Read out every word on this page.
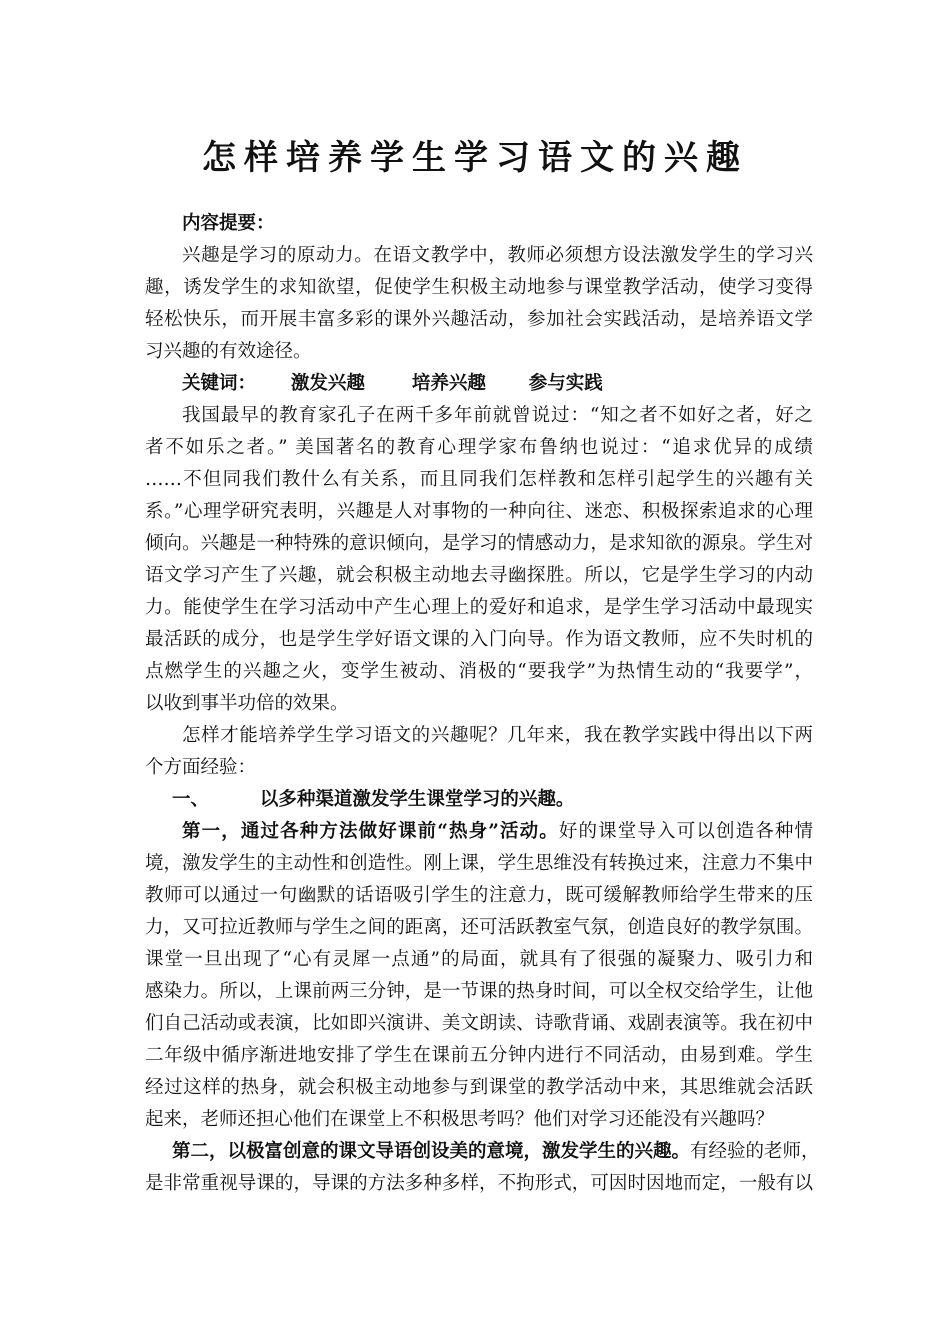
怎样培养学生学习语文的兴趣
内容提要：
兴趣是学习的原动力。在语文教学中，教师必须想方设法激发学生的学习兴
趣，诱发学生的求知欲望，促使学生积极主动地参与课堂教学活动，使学习变得
轻松快乐，而开展丰富多彩的课外兴趣活动，参加社会实践活动，是培养语文学
习兴趣的有效途径。
关键词： 激发兴趣	培养兴趣 参与实践
我国最早的教育家孔子在两千多年前就曾说过：“知之者不如好之者，好之
者不如乐之者。” 美国著名的教育心理学家布鲁纳也说过：“追求优异的成绩
……不但同我们教什么有关系，而且同我们怎样教和怎样引起学生的兴趣有关
系。”心理学研究表明，兴趣是人对事物的一种向往、迷恋、积极探索追求的心理
倾向。兴趣是一种特殊的意识倾向，是学习的情感动力，是求知欲的源泉。学生对
语文学习产生了兴趣，就会积极主动地去寻幽探胜。所以，它是学生学习的内动
力。能使学生在学习活动中产生心理上的爱好和追求，是学生学习活动中最现实
最活跃的成分，也是学生学好语文课的入门向导。作为语文教师，应不失时机的
点燃学生的兴趣之火，变学生被动、消极的“要我学”为热情生动的“我要学”，
以收到事半功倍的效果。
怎样才能培养学生学习语文的兴趣呢？几年来，我在教学实践中得出以下两
个方面经验：
一、	以多种渠道激发学生课堂学习的兴趣。
第一，通过各种方法做好课前“热身”活动。好的课堂导入可以创造各种情
境，激发学生的主动性和创造性。刚上课，学生思维没有转换过来，注意力不集中
教师可以通过一句幽默的话语吸引学生的注意力，既可缓解教师给学生带来的压
力，又可拉近教师与学生之间的距离，还可活跃教室气氛，创造良好的教学氛围。
课堂一旦出现了“心有灵犀一点通”的局面，就具有了很强的凝聚力、吸引力和
感染力。所以，上课前两三分钟，是一节课的热身时间，可以全权交给学生，让他
们自己活动或表演，比如即兴演讲、美文朗读、诗歌背诵、戏剧表演等。我在初中
二年级中循序渐进地安排了学生在课前五分钟内进行不同活动，由易到难。学生
经过这样的热身，就会积极主动地参与到课堂的教学活动中来，其思维就会活跃
起来，老师还担心他们在课堂上不积极思考吗？他们对学习还能没有兴趣吗？
第二，以极富创意的课文导语创设美的意境，激发学生的兴趣。有经验的老师，
是非常重视导课的，导课的方法多种多样，不拘形式，可因时因地而定，一般有以
